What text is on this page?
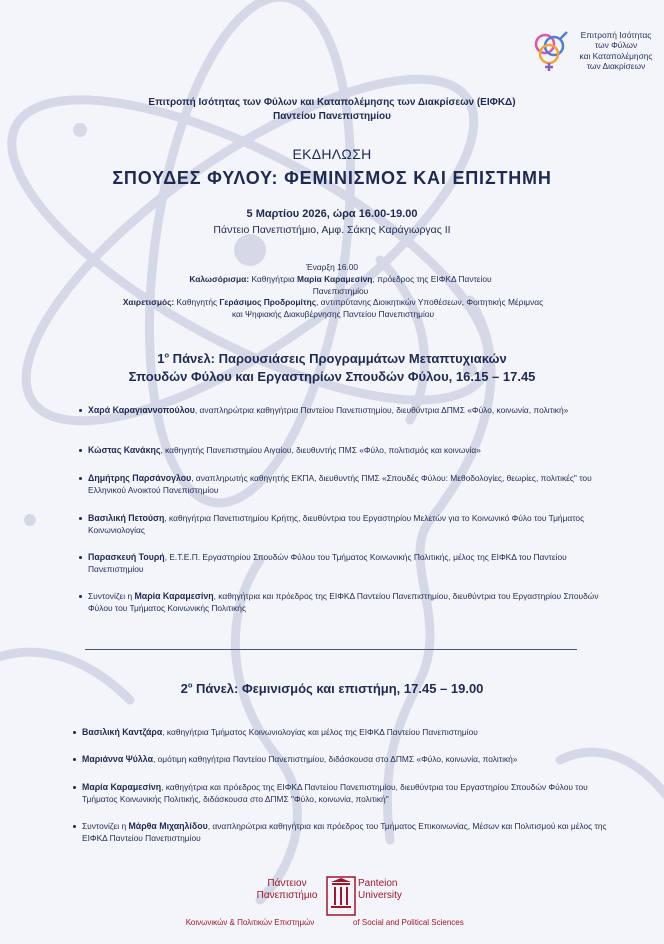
Επιτροπή Ισότητας
των Φύλων
και Καταπολέμησης
των Διακρίσεων
Επιτροπή Ισότητας των Φύλων και Καταπολέμησης των Διακρίσεων (ΕΙΦΚΔ)
Παντείου Πανεπιστημίου
ΕΚΔΗΛΩΣΗ
ΣΠΟΥΔΕΣ ΦΥΛΟΥ: ΦΕΜΙΝΙΣΜΟΣ ΚΑΙ ΕΠΙΣΤΗΜΗ
5 Μαρτίου 2026, ώρα 16.00-19.00
Πάντειο Πανεπιστήμιο, Αμφ. Σάκης Καράγιωργας ΙΙ
Έναρξη 16.00
Καλωσόρισμα: Καθηγήτρια Μαρία Καραμεσίνη, πρόεδρος της ΕΙΦΚΔ Παντείου Πανεπιστημίου
Χαιρετισμός: Καθηγητής Γεράσιμος Προδρομίτης, αντιπρύτανης Διοικητικών Υποθέσεων, Φοιτητικής Μέριμνας και Ψηφιακής Διακυβέρνησης Παντείου Πανεπιστημίου
$1^o$ Πάνελ: Παρουσιάσεις Προγραμμάτων Μεταπτυχιακών
Σπουδών Φύλου και Εργαστηρίων Σπουδών Φύλου, 16.15 – 17.45
Χαρά Καραγιαννοπούλου, αναπληρώτρια καθηγήτρια Παντείου Πανεπιστημίου, διευθύντρια ΔΠΜΣ «Φύλο, κοινωνία, πολιτική»
Κώστας Κανάκης, καθηγητής Πανεπιστημίου Αιγαίου, διευθυντής ΠΜΣ «Φύλο, πολιτισμός και κοινωνία»
Δημήτρης Παρσάνογλου, αναπληρωτής καθηγητής ΕΚΠΑ, διευθυντής ΠΜΣ «Σπουδές Φύλου: Μεθοδολογίες, θεωρίες, πολιτικές" του Ελληνικού Ανοικτού Πανεπιστημίου
Βασιλική Πετούση, καθηγήτρια Πανεπιστημίου Κρήτης, διευθύντρια του Εργαστηρίου Μελετών για το Κοινωνικό Φύλο του Τμήματος Κοινωνιολογίας
Παρασκευή Τουρή, Ε.Τ.Ε.Π. Εργαστηρίου Σπουδών Φύλου του Τμήματος Κοινωνικής Πολιτικής, μέλος της ΕΙΦΚΔ του Παντείου Πανεπιστημίου
Συντονίζει η Μαρία Καραμεσίνη, καθηγήτρια και πρόεδρος της ΕΙΦΚΔ Παντείου Πανεπιστημίου, διευθύντρια του Εργαστηρίου Σπουδών Φύλου του Τμήματος Κοινωνικής Πολιτικής
$2^o$ Πάνελ: Φεμινισμός και επιστήμη, 17.45 – 19.00
Βασιλική Καντζάρα, καθηγήτρια Τμήματος Κοινωνιολογίας και μέλος της ΕΙΦΚΔ Παντείου Πανεπιστημίου
Μαριάννα Ψύλλα, ομότιμη καθηγήτρια Παντείου Πανεπιστημίου, διδάσκουσα στο ΔΠΜΣ «Φύλο, κοινωνία, πολιτική»
Μαρία Καραμεσίνη, καθηγήτρια και πρόεδρος της ΕΙΦΚΔ Παντείου Πανεπιστημίου, διευθύντρια του Εργαστηρίου Σπουδών Φύλου του Τμήματος Κοινωνικής Πολιτικής, διδάσκουσα στο ΔΠΜΣ "Φύλο, κοινωνία, πολιτική"
Συντονίζει η Μάρθα Μιχαηλίδου, αναπληρώτρια καθηγήτρια και πρόεδρος του Τμήματος Επικοινωνίας, Μέσων και Πολιτισμού και μέλος της ΕΙΦΚΔ Παντείου Πανεπιστημίου
Πάντειον
Πανεπιστήμιο
Panteion
University
Κοινωνικών & Πολιτικών Επιστημών	of Social and Political Sciences
